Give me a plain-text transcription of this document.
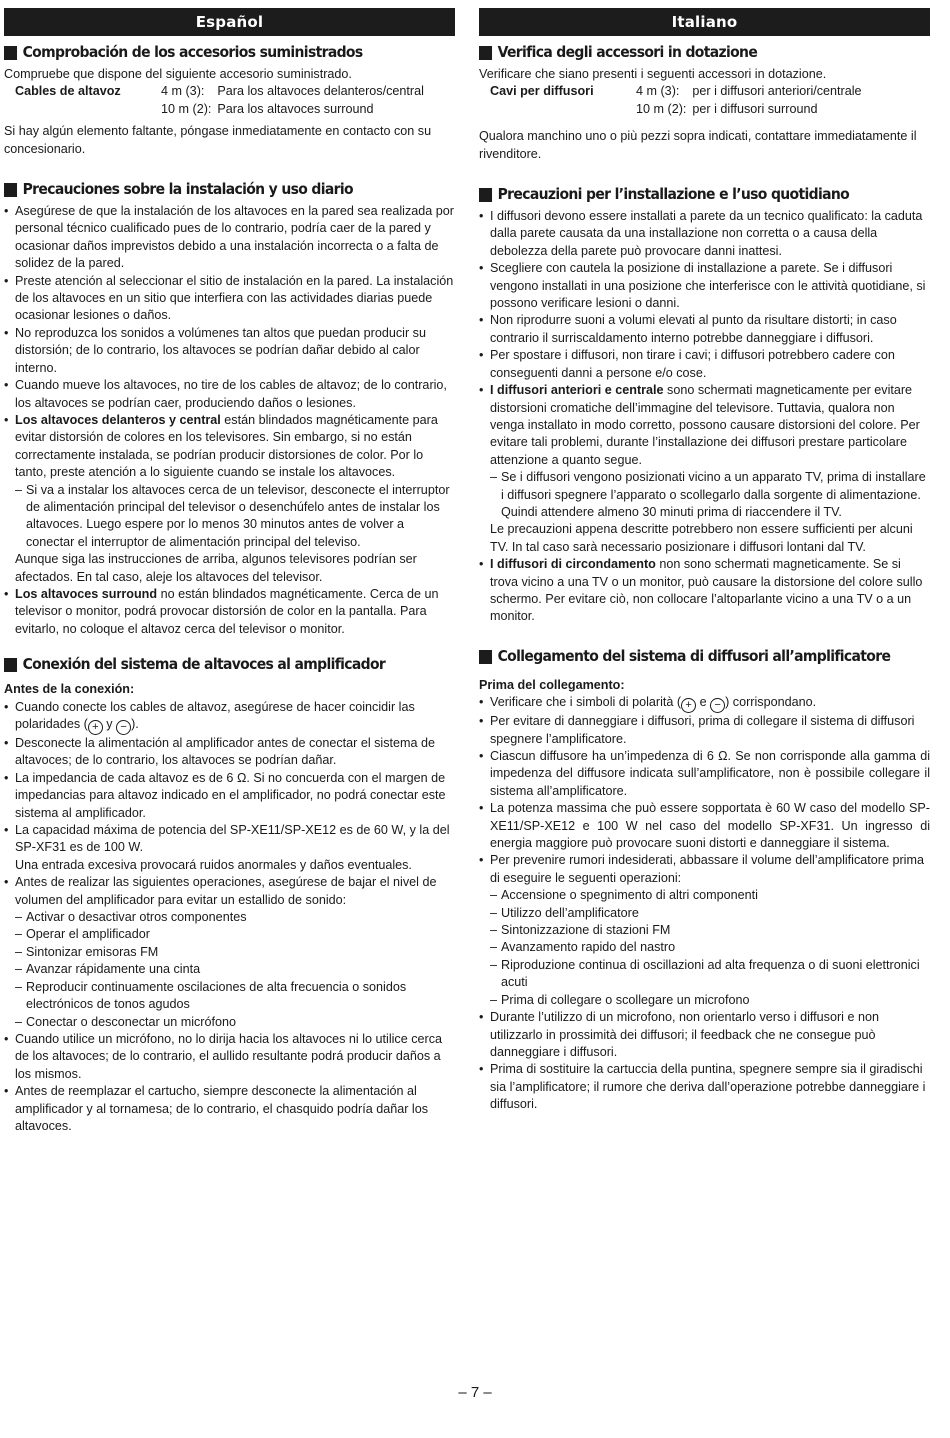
Español
Comprobación de los accesorios suministrados

Compruebe que dispone del siguiente accesorio suministrado.

Cables de altavoz	4 m (3):	Para los altavoces delanteros/central
10 m (2): Para los altavoces surround

Si hay algún elemento faltante, póngase inmediatamente en contacto con su concesionario.

Precauciones sobre la instalación y uso diario
• Asegúrese de que la instalación de los altavoces en la pared sea realizada por personal técnico cualificado pues de lo contrario, podría caer de la pared y ocasionar daños imprevistos debido a una instalación incorrecta o a falta de solidez de la pared.
• Preste atención al seleccionar el sitio de instalación en la pared. La instalación de los altavoces en un sitio que interfiera con las actividades diarias puede ocasionar lesiones o daños.
• No reproduzca los sonidos a volúmenes tan altos que puedan producir su distorsión; de lo contrario, los altavoces se podrían dañar debido al calor interno.
• Cuando mueve los altavoces, no tire de los cables de altavoz; de lo contrario, los altavoces se podrían caer, produciendo daños o lesiones.
• Los altavoces delanteros y central están blindados magnéticamente para evitar distorsión de colores en los televisores. Sin embargo, si no están correctamente instalada, se podrían producir distorsiones de color. Por lo tanto, preste atención a lo siguiente cuando se instale los altavoces.
– Si va a instalar los altavoces cerca de un televisor, desconecte el interruptor de alimentación principal del televisor o desenchúfelo antes de instalar los altavoces. Luego espere por lo menos 30 minutos antes de volver a conectar el interruptor de alimentación principal del televiso.
Aunque siga las instrucciones de arriba, algunos televisores podrían ser afectados. En tal caso, aleje los altavoces del televisor.
• Los altavoces surround no están blindados magnéticamente. Cerca de un televisor o monitor, podrá provocar distorsión de color en la pantalla. Para evitarlo, no coloque el altavoz cerca del televisor o monitor.
Conexión del sistema de altavoces al amplificador

Antes de la conexión:

• Cuando conecte los cables de altavoz, asegúrese de hacer coincidir las polaridades ( + y − ).
• Desconecte la alimentación al amplificador antes de conectar el sistema de altavoces; de lo contrario, los altavoces se podrían dañar.
• La impedancia de cada altavoz es de 6 Ω. Si no concuerda con el margen de impedancias para altavoz indicado en el amplificador, no podrá conectar este sistema al amplificador.
• La capacidad máxima de potencia del SP-XE11/SP-XE12 es de 60 W, y la del SP-XF31 es de 100 W.
Una entrada excesiva provocará ruidos anormales y daños eventuales.
• Antes de realizar las siguientes operaciones, asegúrese de bajar el nivel de volumen del amplificador para evitar un estallido de sonido:
– Activar o desactivar otros componentes
– Operar el amplificador
– Sintonizar emisoras FM
– Avanzar rápidamente una cinta
– Reproducir continuamente oscilaciones de alta frecuencia o sonidos electrónicos de tonos agudos
– Conectar o desconectar un micrófono
• Cuando utilice un micrófono, no lo dirija hacia los altavoces ni lo utilice cerca de los altavoces; de lo contrario, el aullido resultante podrá producir daños a los mismos.
• Antes de reemplazar el cartucho, siempre desconecte la alimentación al amplificador y al tornamesa; de lo contrario, el chasquido podría dañar los altavoces.
Italiano
Verifica degli accessori in dotazione

Verificare che siano presenti i seguenti accessori in dotazione.

Cavi per diffusori	4 m (3):	per i diffusori anteriori/centrale
10 m (2): per i diffusori surround

Qualora manchino uno o più pezzi sopra indicati, contattare immediatamente il rivenditore.

Precauzioni per l’installazione e l’uso quotidiano
• I diffusori devono essere installati a parete da un tecnico qualificato: la caduta dalla parete causata da una installazione non corretta o a causa della debolezza della parete può provocare danni inattesi.
• Scegliere con cautela la posizione di installazione a parete. Se i diffusori vengono installati in una posizione che interferisce con le attività quotidiane, si possono verificare lesioni o danni.
• Non riprodurre suoni a volumi elevati al punto da risultare distorti; in caso contrario il surriscaldamento interno potrebbe danneggiare i diffusori.
• Per spostare i diffusori, non tirare i cavi; i diffusori potrebbero cadere con conseguenti danni a persone e/o cose.
• I diffusori anteriori e centrale sono schermati magneticamente per evitare distorsioni cromatiche dell’immagine del televisore. Tuttavia, qualora non venga installato in modo corretto, possono causare distorsioni del colore. Per evitare tali problemi, durante l’installazione dei diffusori prestare particolare attenzione a quanto segue.
– Se i diffusori vengono posizionati vicino a un apparato TV, prima di installare i diffusori spegnere l’apparato o scollegarlo dalla sorgente di alimentazione. Quindi attendere almeno 30 minuti prima di riaccendere il TV.
Le precauzioni appena descritte potrebbero non essere sufficienti per alcuni TV. In tal caso sarà necessario posizionare i diffusori lontani dal TV.
• I diffusori di circondamento non sono schermati magneticamente. Se si trova vicino a una TV o un monitor, può causare la distorsione del colore sullo schermo. Per evitare ciò, non collocare l’altoparlante vicino a una TV o a un monitor.
Collegamento del sistema di diffusori all’amplificatore

Prima del collegamento:

• Verificare che i simboli di polarità ( + e − ) corrispondano.
• Per evitare di danneggiare i diffusori, prima di collegare il sistema di diffusori spegnere l’amplificatore.
• Ciascun diffusore ha un’impedenza di 6 Ω. Se non corrisponde alla gamma di impedenza del diffusore indicata sull’amplificatore, non è possibile collegare il sistema all’amplificatore.
• La potenza massima che può essere sopportata è 60 W caso del modello SP-XE11/SP-XE12 e 100 W nel caso del modello SP-XF31. Un ingresso di energia maggiore può provocare suoni distorti e danneggiare il sistema.
• Per prevenire rumori indesiderati, abbassare il volume dell’amplificatore prima di eseguire le seguenti operazioni:
– Accensione o spegnimento di altri componenti
– Utilizzo dell’amplificatore
– Sintonizzazione di stazioni FM
– Avanzamento rapido del nastro
– Riproduzione continua di oscillazioni ad alta frequenza o di suoni elettronici acuti
– Prima di collegare o scollegare un microfono
• Durante l’utilizzo di un microfono, non orientarlo verso i diffusori e non utilizzarlo in prossimità dei diffusori; il feedback che ne consegue può danneggiare i diffusori.
• Prima di sostituire la cartuccia della puntina, spegnere sempre sia il giradischi sia l’amplificatore; il rumore che deriva dall’operazione potrebbe danneggiare i diffusori.
– 7 –
